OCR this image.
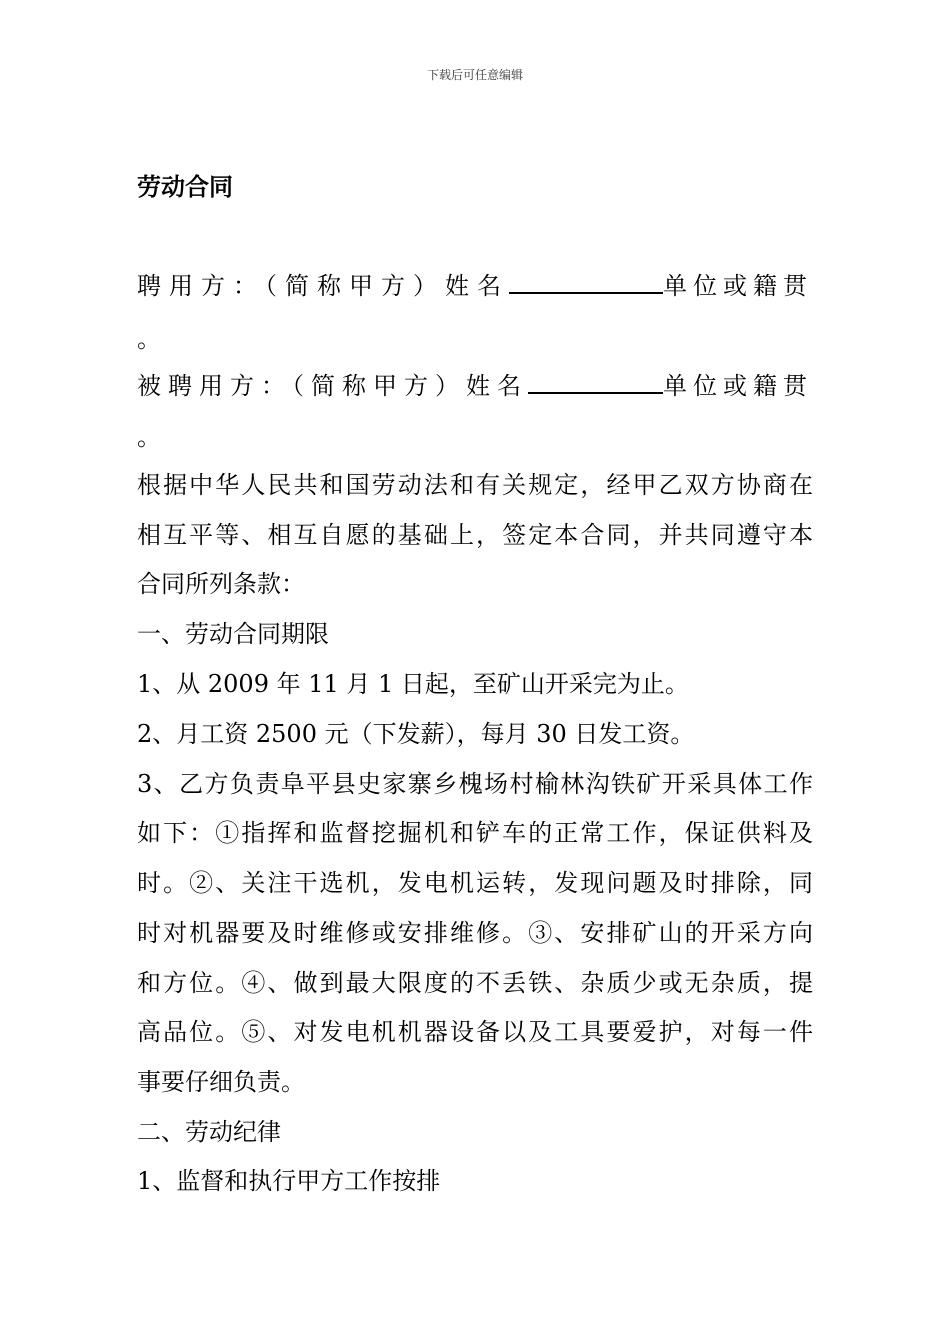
下载后可任意编辑
劳动合同
聘用方：（简称甲方）姓名	单位或籍贯
。
被聘用方：（简称甲方）姓名	单位或籍贯
。
根据中华人民共和国劳动法和有关规定，经甲乙双方协商在
相互平等、相互自愿的基础上，签定本合同，并共同遵守本
合同所列条款：
一、劳动合同期限
1、从 2009 年 11 月 1 日起，至矿山开采完为止。
2、月工资 2500 元（下发薪），每月 30 日发工资。
3、乙方负责阜平县史家寨乡槐场村榆林沟铁矿开采具体工作
如下：①指挥和监督挖掘机和铲车的正常工作，保证供料及
时。②、关注干选机，发电机运转，发现问题及时排除，同
时对机器要及时维修或安排维修。③、安排矿山的开采方向
和方位。④、做到最大限度的不丢铁、杂质少或无杂质，提
高品位。⑤、对发电机机器设备以及工具要爱护，对每一件
事要仔细负责。
二、劳动纪律
1、监督和执行甲方工作按排
